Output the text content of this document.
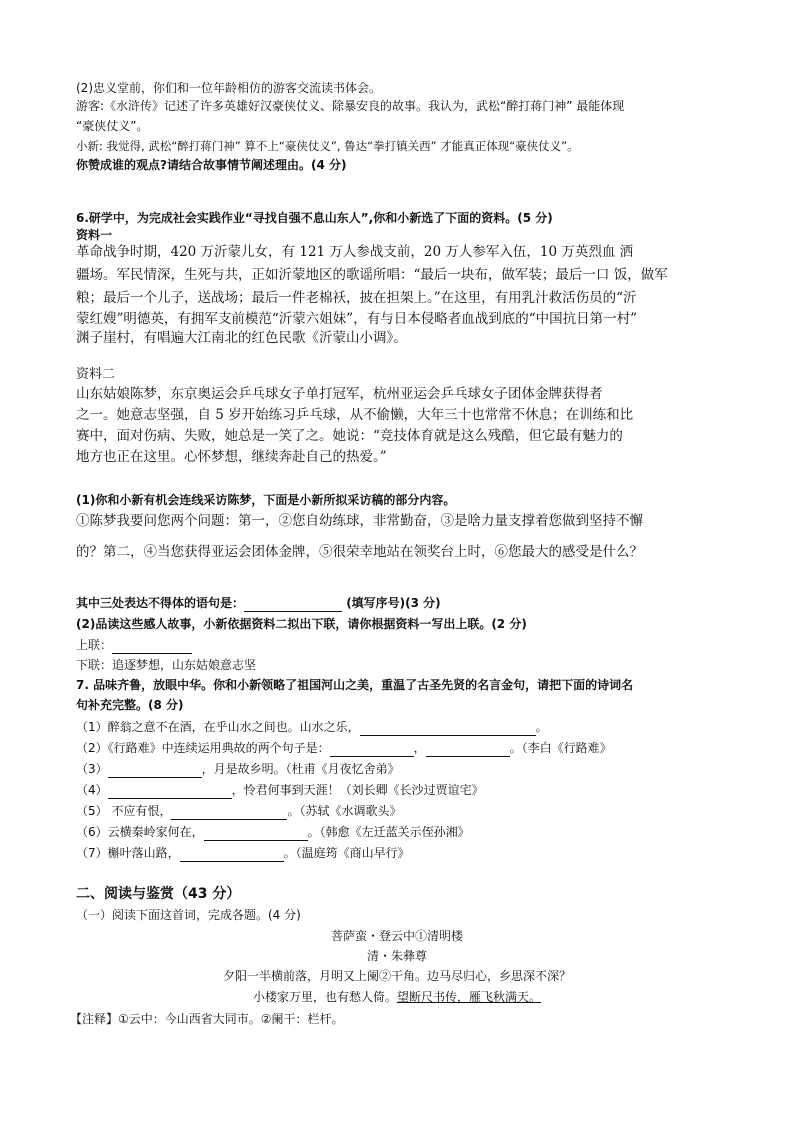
(2)忠义堂前，你们和一位年龄相仿的游客交流读书体会。
游客:《水浒传》记述了许多英雄好汉豪侠仗义、除暴安良的故事。我认为，武松“醉打蒋门神” 最能体现
“豪侠仗义”。
小新: 我觉得, 武松“醉打蒋门神” 算不上“豪侠仗义”, 鲁达“拳打镇关西” 才能真正体现“豪侠仗义”。
你赞成谁的观点?请结合故事情节阐述理由。(4 分)
6.研学中，为完成社会实践作业“寻找自强不息山东人”,你和小新选了下面的资料。(5 分)
资料一
革命战争时期，420 万沂蒙儿女，有 121 万人参战支前，20 万人参军入伍，10 万英烈血 洒
疆场。军民情深，生死与共，正如沂蒙地区的歌谣所唱：“最后一块布，做军装；最后一口 饭，做军
粮；最后一个儿子，送战场；最后一件老棉袄，披在担架上。”在这里，有用乳汁救活伤员的“沂
蒙红嫂”明德英，有拥军支前模范“沂蒙六姐妹”，有与日本侵略者血战到底的“中国抗日第一村”
渊子崖村，有唱遍大江南北的红色民歌《沂蒙山小调》。
资料二
山东姑娘陈梦，东京奥运会乒乓球女子单打冠军，杭州亚运会乒乓球女子团体金牌获得者
之一。她意志坚强，自 5 岁开始练习乒乓球，从不偷懒，大年三十也常常不休息；在训练和比
赛中，面对伤病、失败，她总是一笑了之。她说：“竞技体育就是这么残酷，但它最有魅力的
地方也正在这里。心怀梦想，继续奔赴自己的热爱。”
(1)你和小新有机会连线采访陈梦，下面是小新所拟采访稿的部分内容。
①陈梦我要问您两个问题：第一，②您自幼练球，非常勤奋，③是啥力量支撑着您做到坚持不懈
的？第二，④当您获得亚运会团体金牌，⑤很荣幸地站在领奖台上时，⑥您最大的感受是什么？
其中三处表达不得体的语句是：	(填写序号)(3 分)
(2)品读这些感人故事，小新依据资料二拟出下联，请你根据资料一写出上联。(2 分)
上联：
下联：追逐梦想，山东姑娘意志坚
7. 品味齐鲁，放眼中华。你和小新领略了祖国河山之美，重温了古圣先贤的名言金句，请把下面的诗词名
句补充完整。(8 分)
（1）醉翁之意不在酒，在乎山水之间也。山水之乐，	。
（2）《行路难》中连续运用典故的两个句子是：	，	。（李白《行路难》
（3）	，月是故乡明。（杜甫《月夜忆舍弟》
（4）	，怜君何事到天涯！（刘长卿《长沙过贾谊宅》
（5） 不应有恨，	。（苏轼《水调歌头》
（6）云横秦岭家何在，	。（韩愈《左迁蓝关示侄孙湘》
（7）槲叶落山路，	。（温庭筠《商山早行》
二、阅读与鉴赏（43 分）
（一）阅读下面这首词，完成各题。(4 分)
菩萨蛮・登云中①清明楼
清・朱彝尊
夕阳一半横前落，月明又上阑②干角。边马尽归心，乡思深不深？
小楼家万里，也有愁人倚。望断尺书传，雁飞秋满天。
【注释】①云中：今山西省大同市。②阑干：栏杆。
